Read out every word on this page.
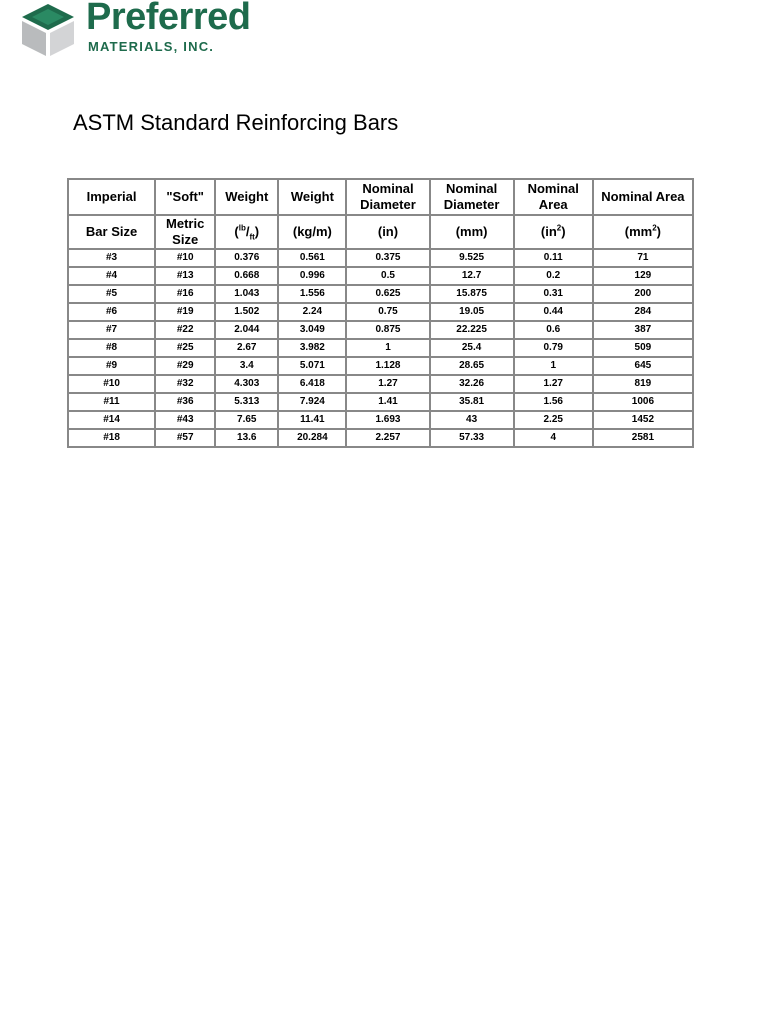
Preferred
MATERIALS, INC.
ASTM Standard Reinforcing Bars
Imperial	"Soft"	Weight	Weight	Nominal Diameter	Nominal Diameter	Nominal Area	Nominal Area
Bar Size	Metric Size	$(^{lb}/_{ft})$	(kg/m)	(in)	(mm)	$(in^2)$	$(mm^2)$
#3	#10	0.376	0.561	0.375	9.525	0.11	71
#4	#13	0.668	0.996	0.5	12.7	0.2	129
#5	#16	1.043	1.556	0.625	15.875	0.31	200
#6	#19	1.502	2.24	0.75	19.05	0.44	284
#7	#22	2.044	3.049	0.875	22.225	0.6	387
#8	#25	2.67	3.982	1	25.4	0.79	509
#9	#29	3.4	5.071	1.128	28.65	1	645
#10	#32	4.303	6.418	1.27	32.26	1.27	819
#11	#36	5.313	7.924	1.41	35.81	1.56	1006
#14	#43	7.65	11.41	1.693	43	2.25	1452
#18	#57	13.6	20.284	2.257	57.33	4	2581
